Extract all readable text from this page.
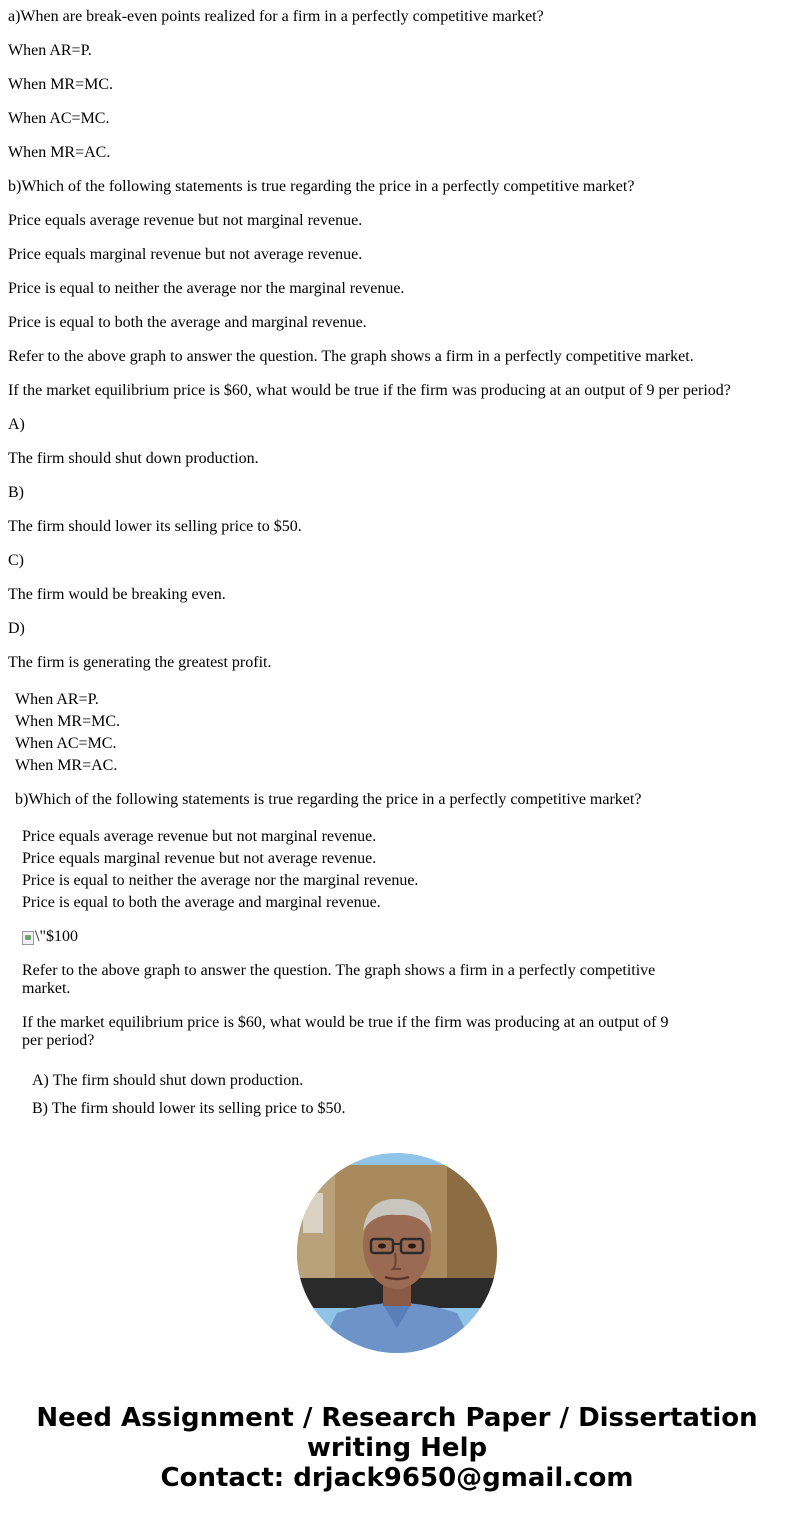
a)When are break-even points realized for a firm in a perfectly competitive market?
When AR=P.
When MR=MC.
When AC=MC.
When MR=AC.
b)Which of the following statements is true regarding the price in a perfectly competitive market?
Price equals average revenue but not marginal revenue.
Price equals marginal revenue but not average revenue.
Price is equal to neither the average nor the marginal revenue.
Price is equal to both the average and marginal revenue.
Refer to the above graph to answer the question. The graph shows a firm in a perfectly competitive market.
If the market equilibrium price is $60, what would be true if the firm was producing at an output of 9 per period?
A)
The firm should shut down production.
B)
The firm should lower its selling price to $50.
C)
The firm would be breaking even.
D)
The firm is generating the greatest profit.
When AR=P.
When MR=MC.
When AC=MC.
When MR=AC.
b)Which of the following statements is true regarding the price in a perfectly competitive market?
Price equals average revenue but not marginal revenue.
Price equals marginal revenue but not average revenue.
Price is equal to neither the average nor the marginal revenue.
Price is equal to both the average and marginal revenue.
\"$100
Refer to the above graph to answer the question. The graph shows a firm in a perfectly competitive market.
If the market equilibrium price is $60, what would be true if the firm was producing at an output of 9 per period?
A) The firm should shut down production.
B) The firm should lower its selling price to $50.
Need Assignment / Research Paper / Dissertation
writing Help
Contact: drjack9650@gmail.com
